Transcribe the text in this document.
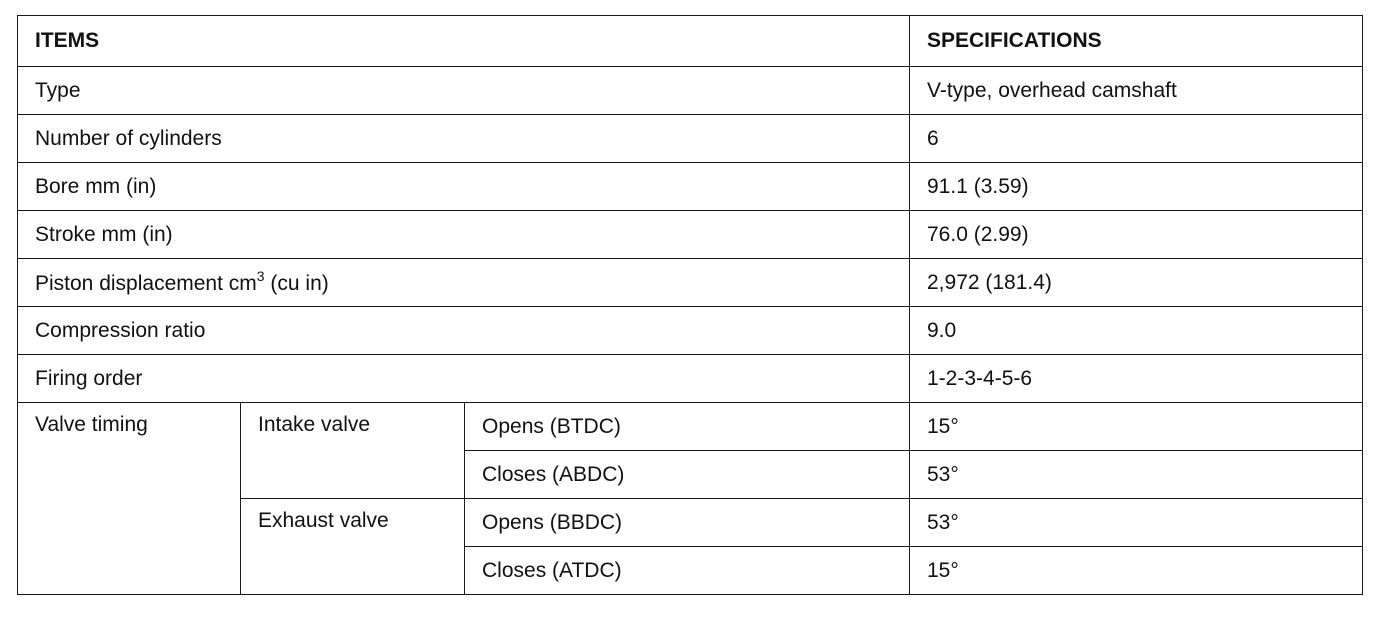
ITEMS			SPECIFICATIONS
Type			V-type, overhead camshaft
Number of cylinders			6
Bore mm (in)			91.1 (3.59)
Stroke mm (in)			76.0 (2.99)
Piston displacement $cm^3$ (cu in)			2,972 (181.4)
Compression ratio			9.0
Firing order			1-2-3-4-5-6
Valve timing	Intake valve	Opens (BTDC)	15°
		Closes (ABDC)	53°
	Exhaust valve	Opens (BBDC)	53°
		Closes (ATDC)	15°
